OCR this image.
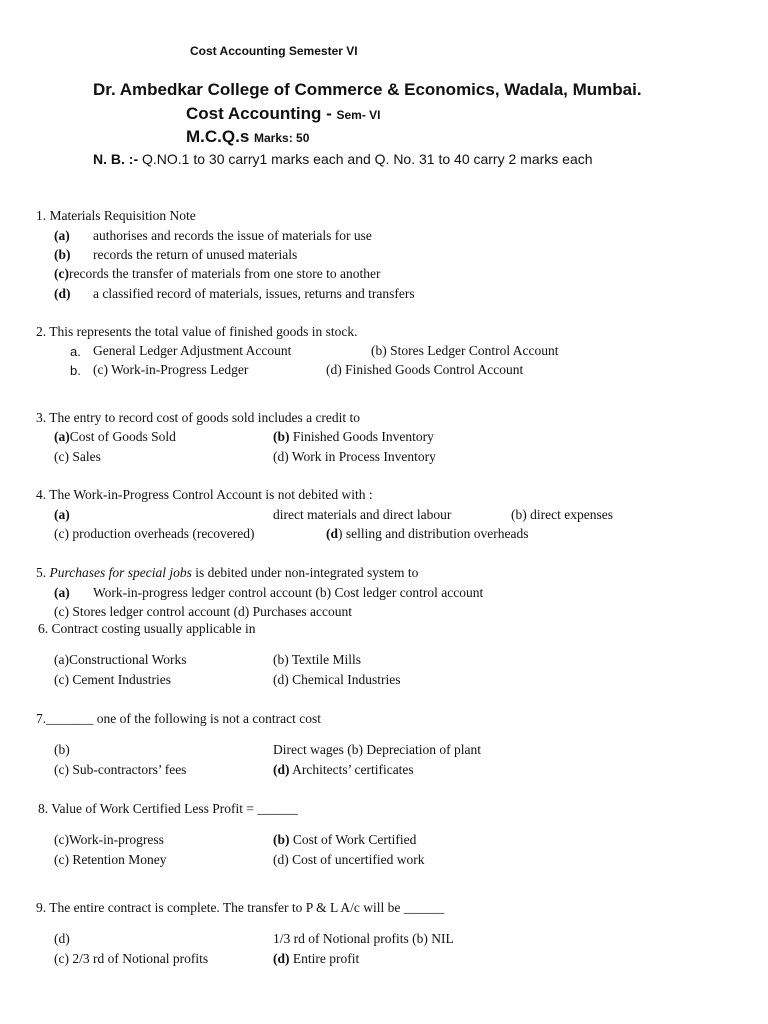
Cost Accounting Semester VI
Dr. Ambedkar College of Commerce & Economics, Wadala, Mumbai.
Cost Accounting - Sem- VI
M.C.Q.s Marks: 50
N. B. :- Q.NO.1 to 30 carry1 marks each and Q. No. 31 to 40 carry 2 marks each
1. Materials Requisition Note
(a) authorises and records the issue of materials for use
(b) records the return of unused materials
(c)records the transfer of materials from one store to another
(d) a classified record of materials, issues, returns and transfers
2. This represents the total value of finished goods in stock.
a. General Ledger Adjustment Account	(b) Stores Ledger Control Account
b. (c) Work-in-Progress Ledger	(d) Finished Goods Control Account
3. The entry to record cost of goods sold includes a credit to
(a)Cost of Goods Sold	(b) Finished Goods Inventory
(c) Sales	(d) Work in Process Inventory
4. The Work-in-Progress Control Account is not debited with :
(a)	direct materials and direct labour	(b) direct expenses
(c) production overheads (recovered)	(d) selling and distribution overheads
5. Purchases for special jobs is debited under non-integrated system to
(a) Work-in-progress ledger control account (b) Cost ledger control account
(c) Stores ledger control account (d) Purchases account
6. Contract costing usually applicable in
(a)Constructional Works	(b) Textile Mills
(c) Cement Industries	(d) Chemical Industries
7._______ one of the following is not a contract cost
(b)	Direct wages (b) Depreciation of plant
(c) Sub-contractors’ fees	(d) Architects’ certificates
8. Value of Work Certified Less Profit = ______
(c)Work-in-progress	(b) Cost of Work Certified
(c) Retention Money	(d) Cost of uncertified work
9. The entire contract is complete. The transfer to P & L A/c will be ______
(d)	1/3 rd of Notional profits (b) NIL
(c) 2/3 rd of Notional profits	(d) Entire profit
